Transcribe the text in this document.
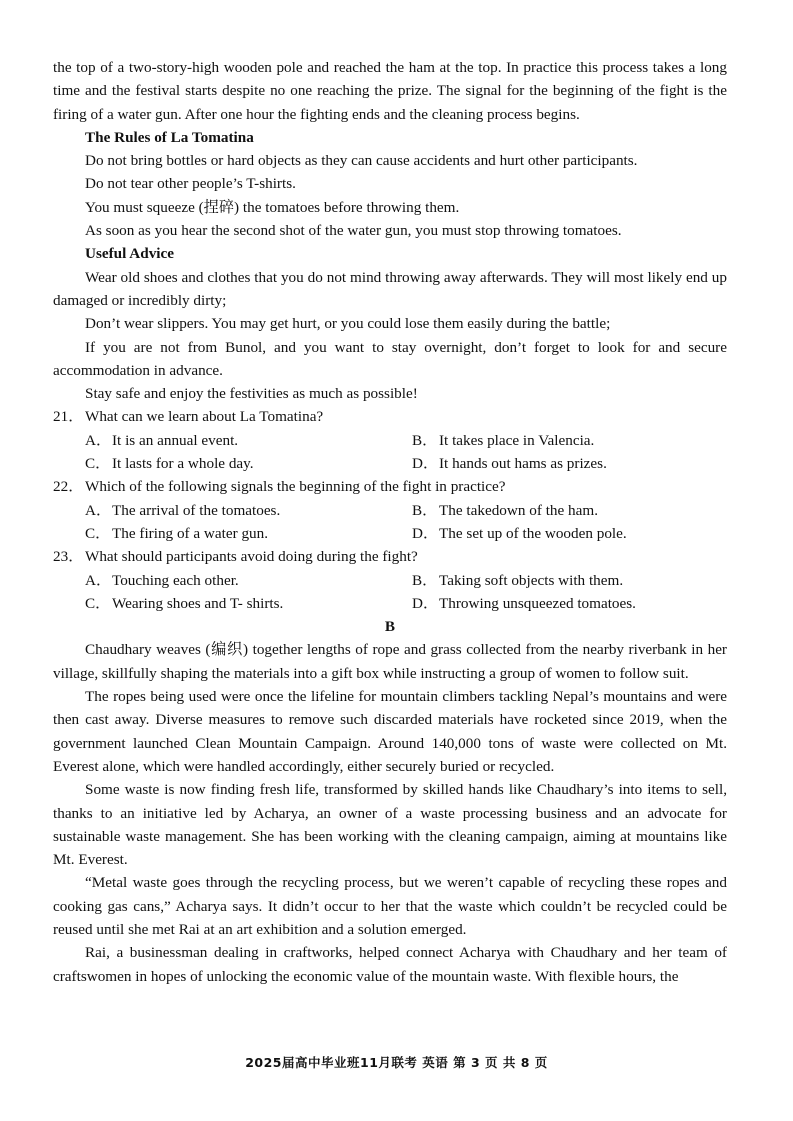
the top of a two-story-high wooden pole and reached the ham at the top. In practice this process takes a long time and the festival starts despite no one reaching the prize. The signal for the beginning of the fight is the firing of a water gun. After one hour the fighting ends and the cleaning process begins.

The Rules of La Tomatina

Do not bring bottles or hard objects as they can cause accidents and hurt other participants.

Do not tear other people’s T-shirts.

You must squeeze (捏碎) the tomatoes before throwing them.

As soon as you hear the second shot of the water gun, you must stop throwing tomatoes.

Useful Advice

Wear old shoes and clothes that you do not mind throwing away afterwards. They will most likely end up damaged or incredibly dirty;

Don’t wear slippers. You may get hurt, or you could lose them easily during the battle;

If you are not from Bunol, and you want to stay overnight, don’t forget to look for and secure accommodation in advance.

Stay safe and enjoy the festivities as much as possible!

21． What can we learn about La Tomatina?
A． It is an annual event.	B． It takes place in Valencia.
C． It lasts for a whole day.	D． It hands out hams as prizes.
22． Which of the following signals the beginning of the fight in practice?
A． The arrival of the tomatoes.	B． The takedown of the ham.
C． The firing of a water gun.	D． The set up of the wooden pole.
23． What should participants avoid doing during the fight?
A． Touching each other.	B． Taking soft objects with them.
C． Wearing shoes and T- shirts.	D． Throwing unsqueezed tomatoes.

B

Chaudhary weaves (编织) together lengths of rope and grass collected from the nearby riverbank in her village, skillfully shaping the materials into a gift box while instructing a group of women to follow suit.

The ropes being used were once the lifeline for mountain climbers tackling Nepal’s mountains and were then cast away. Diverse measures to remove such discarded materials have rocketed since 2019, when the government launched Clean Mountain Campaign. Around 140,000 tons of waste were collected on Mt. Everest alone, which were handled accordingly, either securely buried or recycled.

Some waste is now finding fresh life, transformed by skilled hands like Chaudhary’s into items to sell, thanks to an initiative led by Acharya, an owner of a waste processing business and an advocate for sustainable waste management. She has been working with the cleaning campaign, aiming at mountains like Mt. Everest.

“Metal waste goes through the recycling process, but we weren’t capable of recycling these ropes and cooking gas cans,” Acharya says. It didn’t occur to her that the waste which couldn’t be recycled could be reused until she met Rai at an art exhibition and a solution emerged.

Rai, a businessman dealing in craftworks, helped connect Acharya with Chaudhary and her team of craftswomen in hopes of unlocking the economic value of the mountain waste. With flexible hours, the

2025届高中毕业班11月联考 英语 第 3 页 共 8 页
